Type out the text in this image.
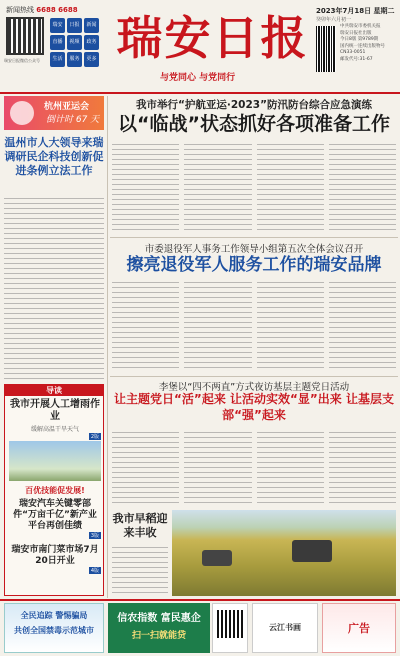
新闻热线 6688 6688
瑞安日报微信公众号
瑞安	日报	新闻
直播	视频	政务
生活	服务	更多 瑞安日报
与党同心 与党同行
2023年7月18日 星期二
癸卯年六月初一
中共瑞安市委机关报
瑞安日报社出版
今日8版 第9789期
国内统一连续出版物号
CN33-0051
邮发代号:31-67
杭州亚运会
倒计时 67 天
温州市人大领导来瑞调研民企科技创新促进条例立法工作
导读
我市开展人工增雨作业
缓解高温干旱天气
2版
百优技能促发展!
瑞安汽车关键零部件“万亩千亿”新产业平台再创佳绩
3版
瑞安市南门菜市场7月20日开业
4版
我市举行“护航亚运·2023”防汛防台综合应急演练
以“临战”状态抓好各项准备工作
市委退役军人事务工作领导小组第五次全体会议召开
擦亮退役军人服务工作的瑞安品牌
李堡以“四不两直”方式夜访基层主题党日活动
让主题党日“活”起来 让活动实效“显”出来 让基层支部“强”起来
我市早稻迎来丰收
全民追踪 警惕骗局
共创全国禁毒示范城市
信农指数 富民惠企
扫一扫就能贷
云江书画	广告
